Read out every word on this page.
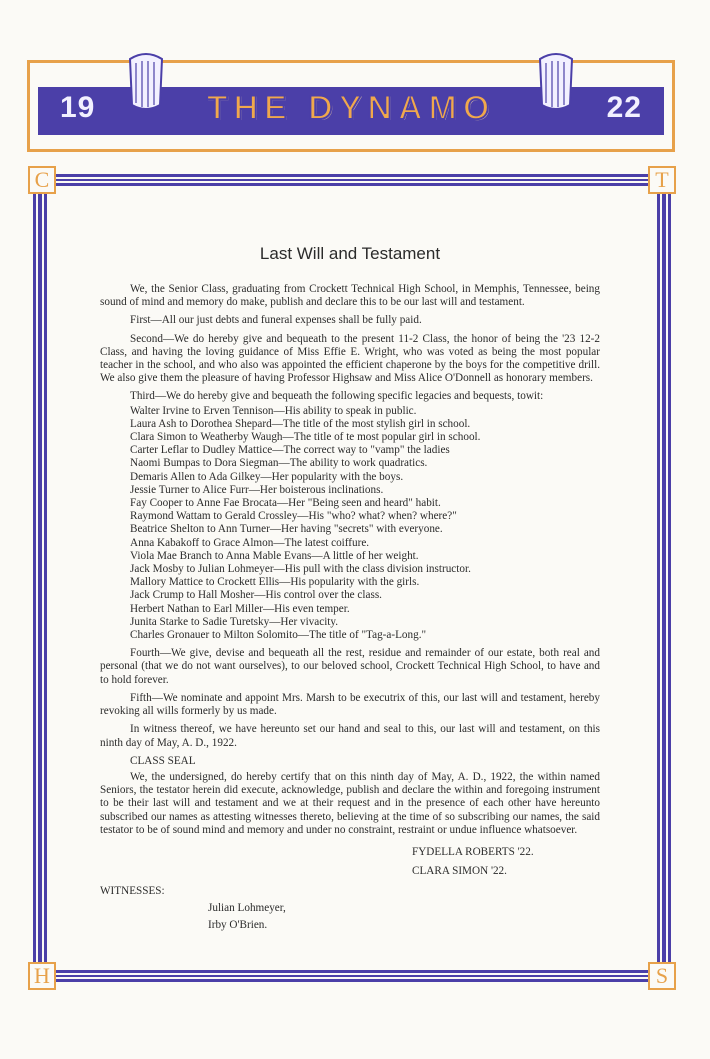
19	THE DYNAMO	22
C	T
H	S
Last Will and Testament

We, the Senior Class, graduating from Crockett Technical High School, in Memphis, Tennessee, being sound of mind and memory do make, publish and declare this to be our last will and testament.

First—All our just debts and funeral expenses shall be fully paid.

Second—We do hereby give and bequeath to the present 11-2 Class, the honor of being the '23 12-2 Class, and having the loving guidance of Miss Effie E. Wright, who was voted as being the most popular teacher in the school, and who also was appointed the efficient chaperone by the boys for the competitive drill. We also give them the pleasure of having Professor Highsaw and Miss Alice O'Donnell as honorary members.

Third—We do hereby give and bequeath the following specific legacies and bequests, towit:

Walter Irvine to Erven Tennison—His ability to speak in public.

Laura Ash to Dorothea Shepard—The title of the most stylish girl in school.

Clara Simon to Weatherby Waugh—The title of te most popular girl in school.

Carter Leflar to Dudley Mattice—The correct way to "vamp" the ladies

Naomi Bumpas to Dora Siegman—The ability to work quadratics.

Demaris Allen to Ada Gilkey—Her popularity with the boys.

Jessie Turner to Alice Furr—Her boisterous inclinations.

Fay Cooper to Anne Fae Brocata—Her "Being seen and heard" habit.

Raymond Wattam to Gerald Crossley—His "who? what? when? where?"

Beatrice Shelton to Ann Turner—Her having "secrets" with everyone.

Anna Kabakoff to Grace Almon—The latest coiffure.

Viola Mae Branch to Anna Mable Evans—A little of her weight.

Jack Mosby to Julian Lohmeyer—His pull with the class division instructor.

Mallory Mattice to Crockett Ellis—His popularity with the girls.

Jack Crump to Hall Mosher—His control over the class.

Herbert Nathan to Earl Miller—His even temper.

Junita Starke to Sadie Turetsky—Her vivacity.

Charles Gronauer to Milton Solomito—The title of "Tag-a-Long."

Fourth—We give, devise and bequeath all the rest, residue and remainder of our estate, both real and personal (that we do not want ourselves), to our beloved school, Crockett Technical High School, to have and to hold forever.

Fifth—We nominate and appoint Mrs. Marsh to be executrix of this, our last will and testament, hereby revoking all wills formerly by us made.

In witness thereof, we have hereunto set our hand and seal to this, our last will and testament, on this ninth day of May, A. D., 1922.

CLASS SEAL

We, the undersigned, do hereby certify that on this ninth day of May, A. D., 1922, the within named Seniors, the testator herein did execute, acknowledge, publish and declare the within and foregoing instrument to be their last will and testament and we at their request and in the presence of each other have hereunto subscribed our names as attesting witnesses thereto, believing at the time of so subscribing our names, the said testator to be of sound mind and memory and under no constraint, restraint or undue influence whatsoever.

FYDELLA ROBERTS '22.
CLARA SIMON '22.
WITNESSES:
Julian Lohmeyer,
Irby O'Brien.
